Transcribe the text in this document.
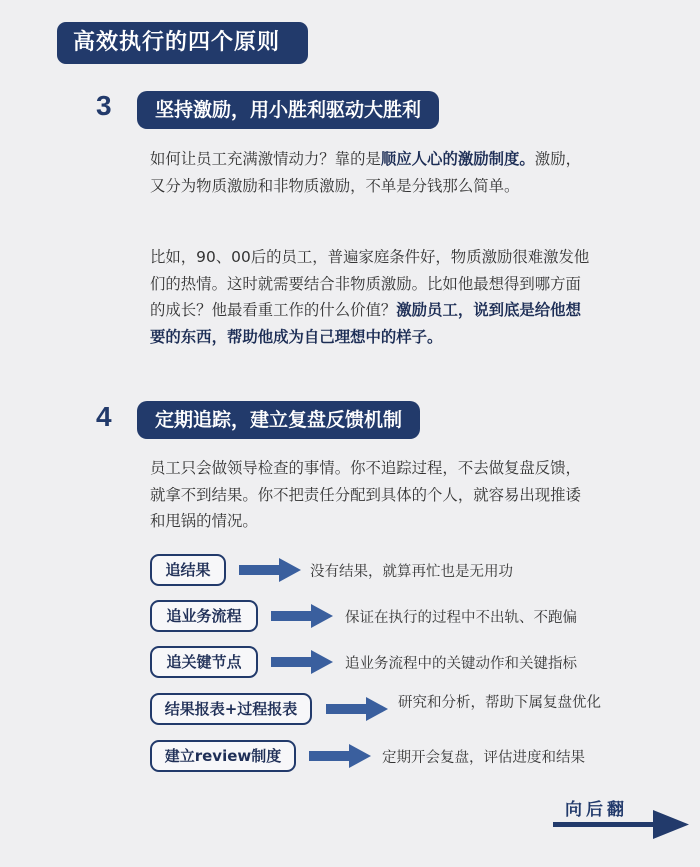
高效执行的四个原则
3	坚持激励，用小胜利驱动大胜利
如何让员工充满激情动力？靠的是顺应人心的激励制度。激励，又分为物质激励和非物质激励，不单是分钱那么简单。
比如，90、00后的员工，普遍家庭条件好，物质激励很难激发他们的热情。这时就需要结合非物质激励。比如他最想得到哪方面的成长？他最看重工作的什么价值？激励员工，说到底是给他想要的东西，帮助他成为自己理想中的样子。
4	定期追踪，建立复盘反馈机制
员工只会做领导检查的事情。你不追踪过程，不去做复盘反馈，就拿不到结果。你不把责任分配到具体的个人，就容易出现推诿和甩锅的情况。
追结果	没有结果，就算再忙也是无用功
追业务流程	保证在执行的过程中不出轨、不跑偏
追关键节点	追业务流程中的关键动作和关键指标
结果报表+过程报表	研究和分析，帮助下属复盘优化
建立review制度	定期开会复盘，评估进度和结果
向后翻
